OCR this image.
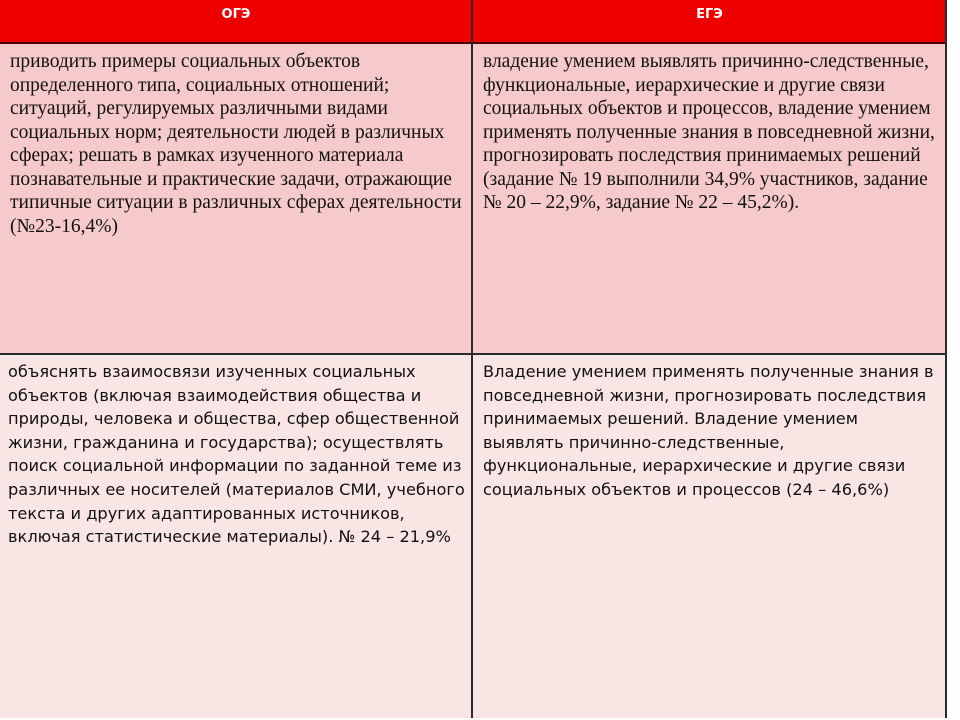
ОГЭ	ЕГЭ
приводить примеры социальных объектов определенного типа, социальных отношений; ситуаций, регулируемых различными видами социальных норм; деятельности людей в различных сферах; решать в рамках изученного материала познавательные и практические задачи, отражающие типичные ситуации в различных сферах деятельности (№23-16,4%)
владение умением выявлять причинно-следственные, функциональные, иерархические и другие связи социальных объектов и процессов, владение умением применять полученные знания в повседневной жизни, прогнозировать последствия принимаемых решений (задание № 19 выполнили 34,9% участников, задание № 20 – 22,9%, задание № 22 – 45,2%).
объяснять взаимосвязи изученных социальных объектов (включая взаимодействия общества и природы, человека и общества, сфер общественной жизни, гражданина и государства); осуществлять поиск социальной информации по заданной теме из различных ее носителей (материалов СМИ, учебного текста и других адаптированных источников, включая статистические материалы). № 24 – 21,9%
Владение умением применять полученные знания в повседневной жизни, прогнозировать последствия принимаемых решений. Владение умением выявлять причинно-следственные, функциональные, иерархические и другие связи социальных объектов и процессов (24 – 46,6%)
